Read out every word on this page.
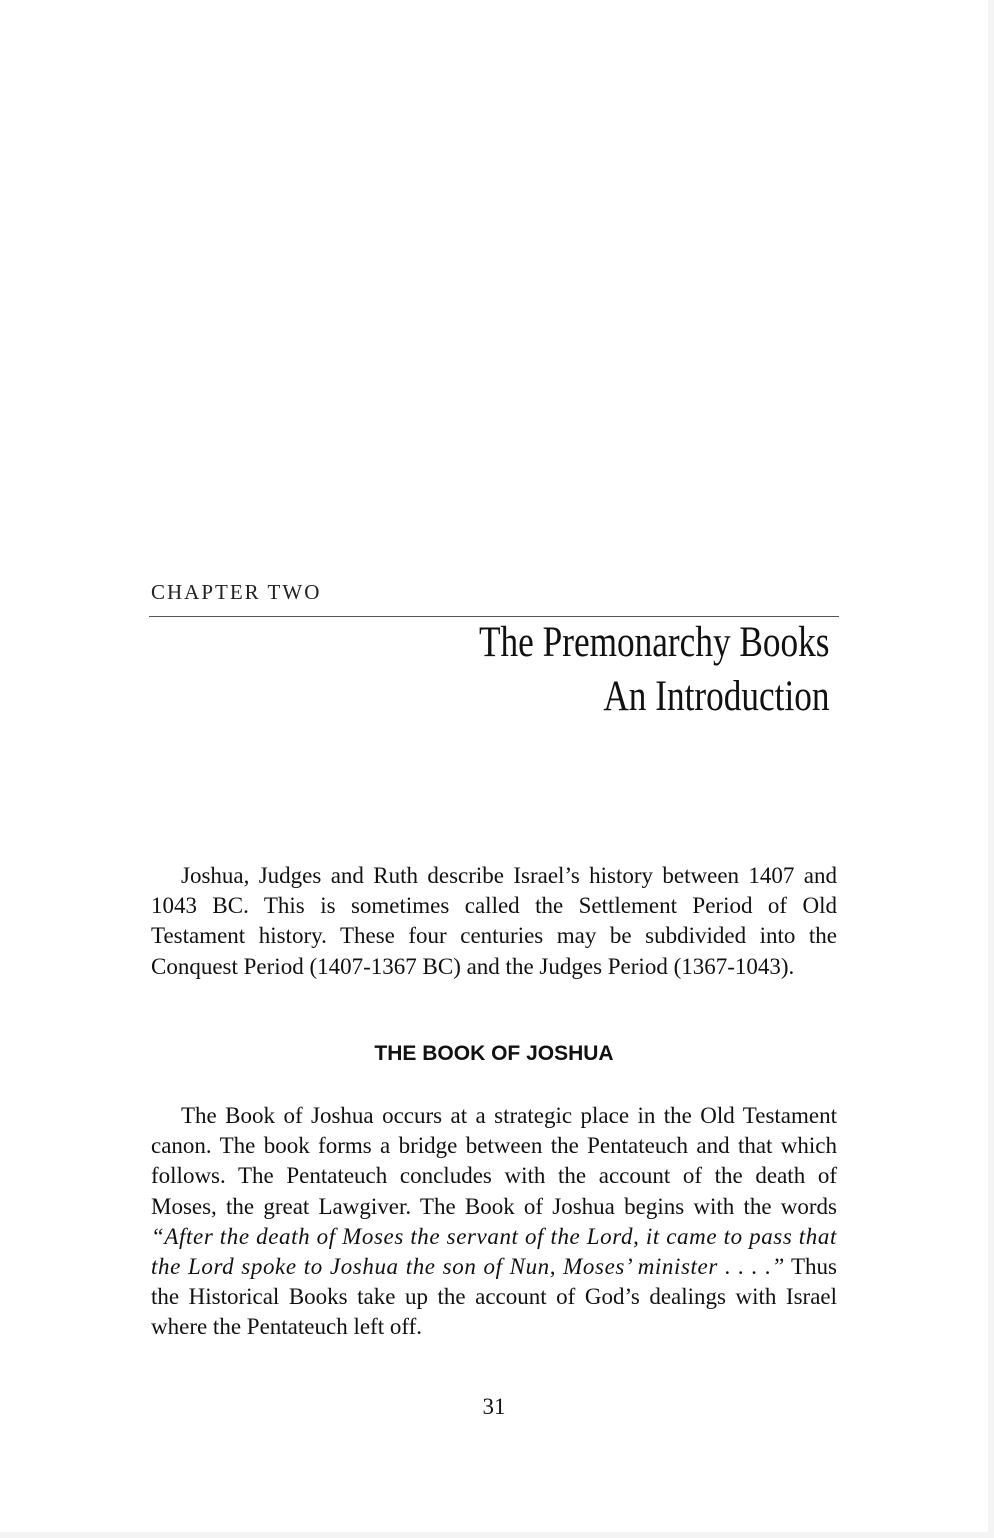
CHAPTER TWO
The Premonarchy Books
An Introduction

Joshua, Judges and Ruth describe Israel’s history between 1407 and 1043 BC. This is sometimes called the Settlement Period of Old Testament history. These four centuries may be subdivided into the Conquest Period (1407-1367 BC) and the Judges Period (1367-1043).

THE BOOK OF JOSHUA

The Book of Joshua occurs at a strategic place in the Old Testament canon. The book forms a bridge between the Pentateuch and that which follows. The Pentateuch concludes with the account of the death of Moses, the great Lawgiver. The Book of Joshua begins with the words “After the death of Moses the servant of the Lord, it came to pass that the Lord spoke to Joshua the son of Nun, Moses’ minister . . . .” Thus the Historical Books take up the account of God’s dealings with Israel where the Pentateuch left off.

31
